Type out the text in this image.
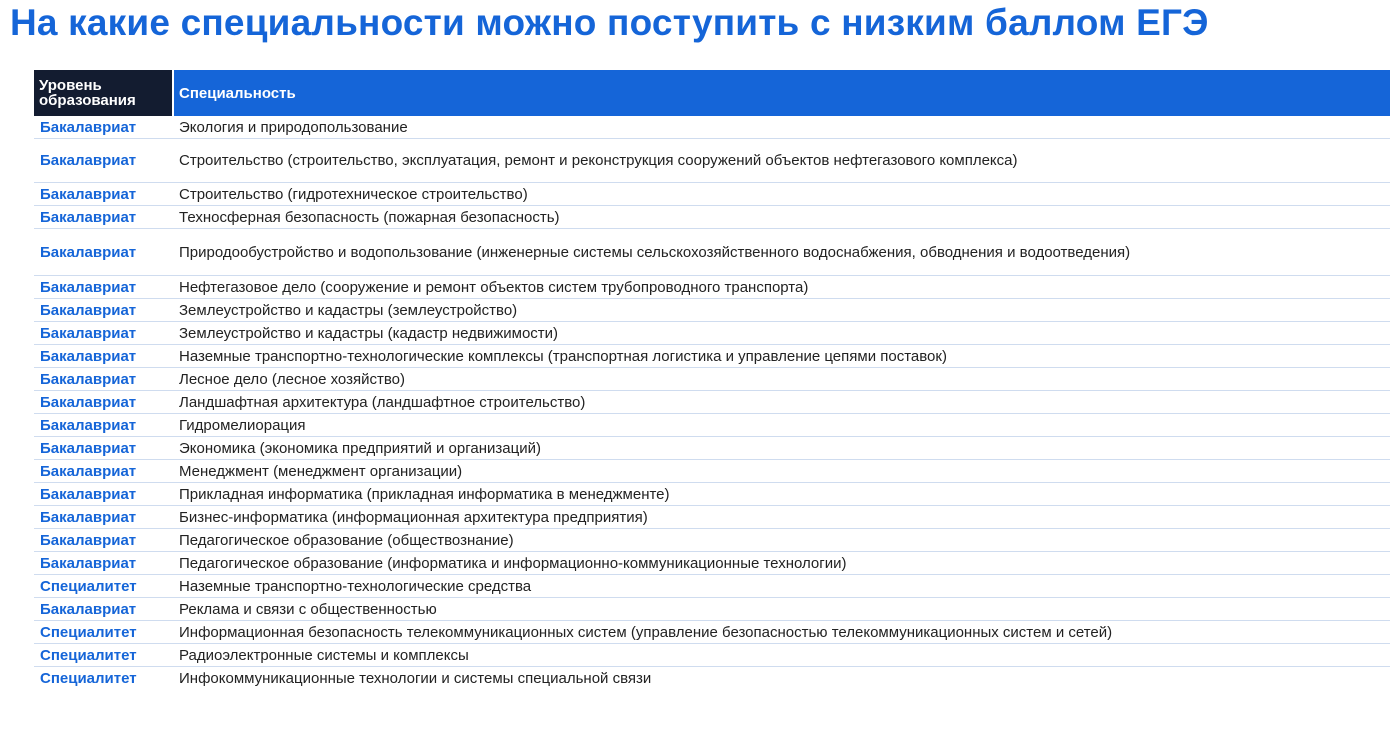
На какие специальности можно поступить с низким баллом ЕГЭ
Уровень образования	Специальность
Бакалавриат	Экология и природопользование
Бакалавриат	Строительство (строительство, эксплуатация, ремонт и реконструкция сооружений объектов нефтегазового комплекса)
Бакалавриат	Строительство (гидротехническое строительство)
Бакалавриат	Техносферная безопасность (пожарная безопасность)
Бакалавриат	Природообустройство и водопользование (инженерные системы сельскохозяйственного водоснабжения, обводнения и водоотведения)
Бакалавриат	Нефтегазовое дело (сооружение и ремонт объектов систем трубопроводного транспорта)
Бакалавриат	Землеустройство и кадастры (землеустройство)
Бакалавриат	Землеустройство и кадастры (кадастр недвижимости)
Бакалавриат	Наземные транспортно-технологические комплексы (транспортная логистика и управление цепями поставок)
Бакалавриат	Лесное дело (лесное хозяйство)
Бакалавриат	Ландшафтная архитектура (ландшафтное строительство)
Бакалавриат	Гидромелиорация
Бакалавриат	Экономика (экономика предприятий и организаций)
Бакалавриат	Менеджмент (менеджмент организации)
Бакалавриат	Прикладная информатика (прикладная информатика в менеджменте)
Бакалавриат	Бизнес-информатика (информационная архитектура предприятия)
Бакалавриат	Педагогическое образование (обществознание)
Бакалавриат	Педагогическое образование (информатика и информационно-коммуникационные технологии)
Специалитет	Наземные транспортно-технологические средства
Бакалавриат	Реклама и связи с общественностью
Специалитет	Информационная безопасность телекоммуникационных систем (управление безопасностью телекоммуникационных систем и сетей)
Специалитет	Радиоэлектронные системы и комплексы
Специалитет	Инфокоммуникационные технологии и системы специальной связи
